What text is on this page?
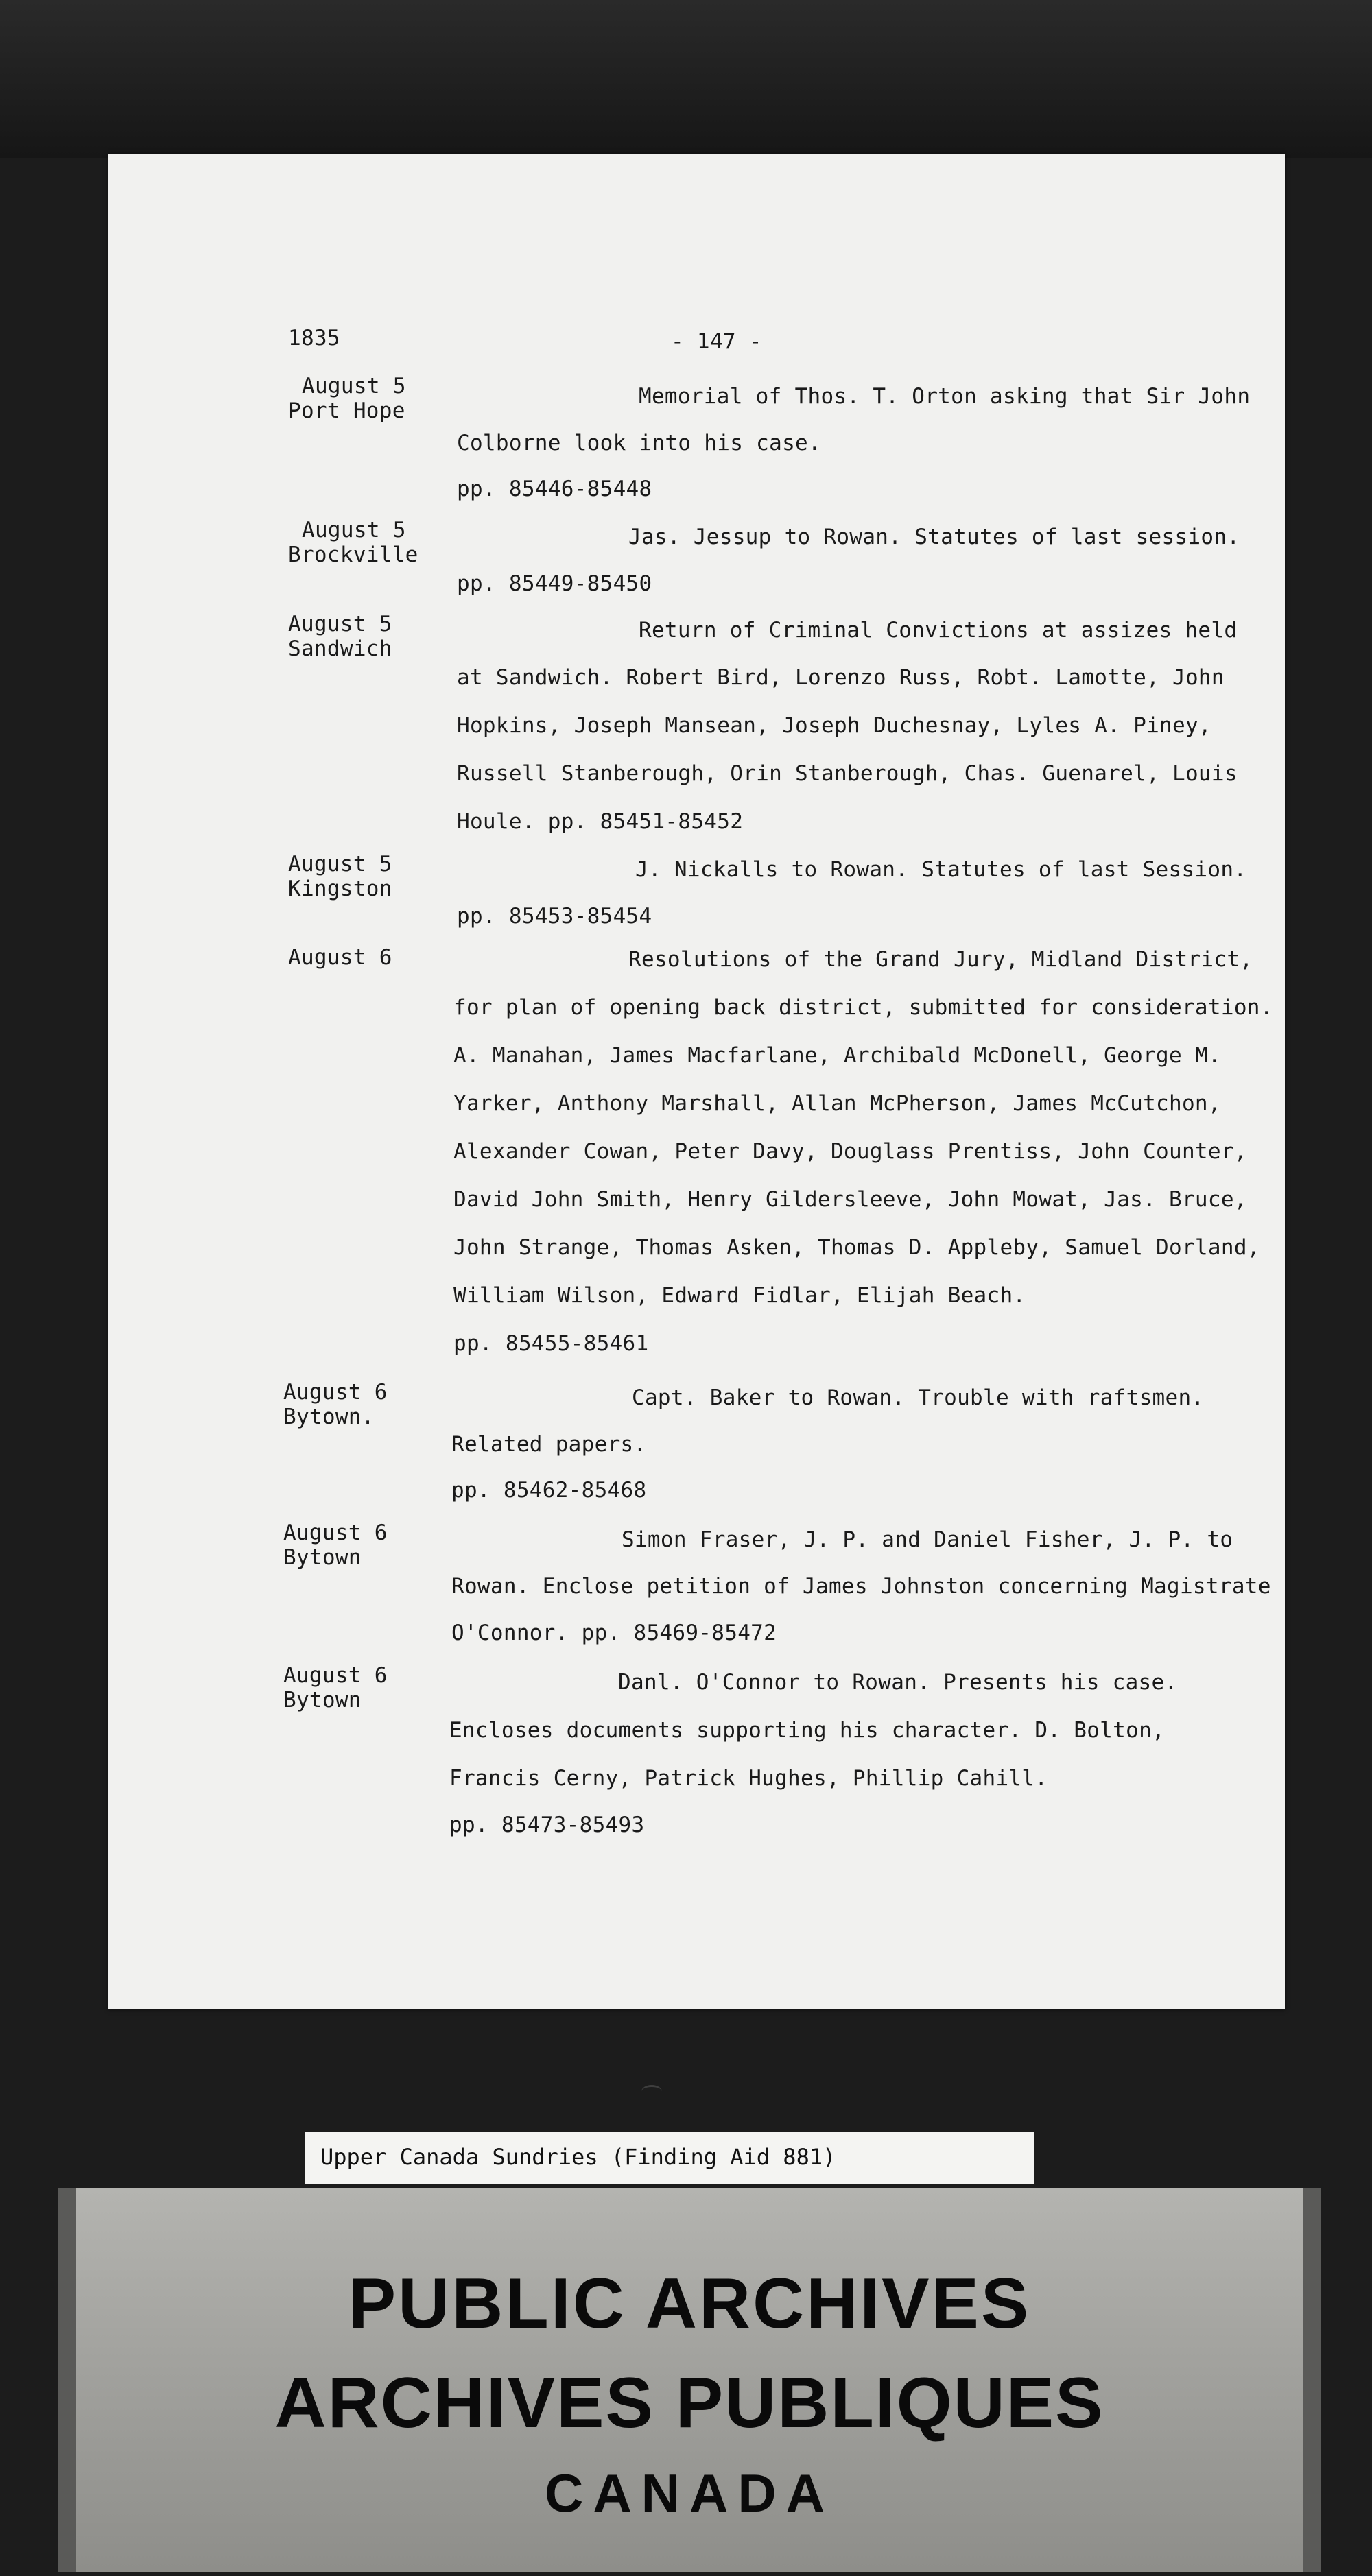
1835	- 147 -
August 5
Port Hope
Memorial of Thos. T. Orton asking that Sir John
Colborne look into his case.
pp. 85446-85448
August 5
Brockville
Jas. Jessup to Rowan. Statutes of last session.
pp. 85449-85450
August 5
Sandwich
Return of Criminal Convictions at assizes held
at Sandwich. Robert Bird, Lorenzo Russ, Robt. Lamotte, John
Hopkins, Joseph Mansean, Joseph Duchesnay, Lyles A. Piney,
Russell Stanberough, Orin Stanberough, Chas. Guenarel, Louis
Houle. pp. 85451-85452
August 5
Kingston
J. Nickalls to Rowan. Statutes of last Session.
pp. 85453-85454
August 6	Resolutions of the Grand Jury, Midland District,
for plan of opening back district, submitted for consideration.
A. Manahan, James Macfarlane, Archibald McDonell, George M.
Yarker, Anthony Marshall, Allan McPherson, James McCutchon,
Alexander Cowan, Peter Davy, Douglass Prentiss, John Counter,
David John Smith, Henry Gildersleeve, John Mowat, Jas. Bruce,
John Strange, Thomas Asken, Thomas D. Appleby, Samuel Dorland,
William Wilson, Edward Fidlar, Elijah Beach.
pp. 85455-85461
August 6
Bytown.
Capt. Baker to Rowan. Trouble with raftsmen.
Related papers.
pp. 85462-85468
August 6
Bytown
Simon Fraser, J. P. and Daniel Fisher, J. P. to
Rowan. Enclose petition of James Johnston concerning Magistrate
O'Connor. pp. 85469-85472
August 6
Bytown
Danl. O'Connor to Rowan. Presents his case.
Encloses documents supporting his character. D. Bolton,
Francis Cerny, Patrick Hughes, Phillip Cahill.
pp. 85473-85493
Upper Canada Sundries (Finding Aid 881)
PUBLIC ARCHIVES
ARCHIVES PUBLIQUES
CANADA
